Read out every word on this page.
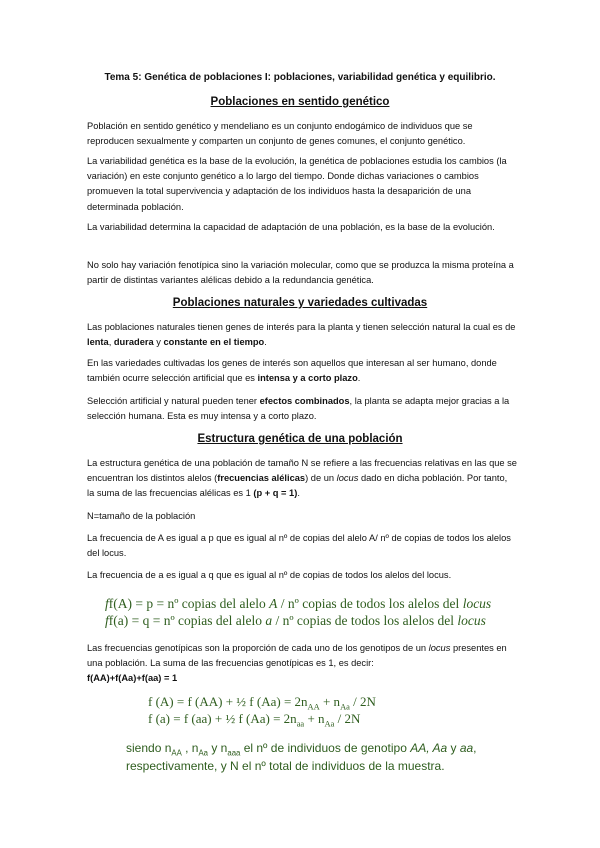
Tema 5: Genética de poblaciones I: poblaciones, variabilidad genética y equilibrio.
Poblaciones en sentido genético
Población en sentido genético y mendeliano es un conjunto endogámico de individuos que se reproducen sexualmente y comparten un conjunto de genes comunes, el conjunto genético.
La variabilidad genética es la base de la evolución, la genética de poblaciones estudia los cambios (la variación) en este conjunto genético a lo largo del tiempo. Donde dichas variaciones o cambios promueven la total supervivencia y adaptación de los individuos hasta la desaparición de una determinada población.
La variabilidad determina la capacidad de adaptación de una población, es la base de la evolución.
No solo hay variación fenotípica sino la variación molecular, como que se produzca la misma proteína a partir de distintas variantes alélicas debido a la redundancia genética.
Poblaciones naturales y variedades cultivadas
Las poblaciones naturales tienen genes de interés para la planta y tienen selección natural la cual es de lenta, duradera y constante en el tiempo.
En las variedades cultivadas los genes de interés son aquellos que interesan al ser humano, donde también ocurre selección artificial que es intensa y a corto plazo.
Selección artificial y natural pueden tener efectos combinados, la planta se adapta mejor gracias a la selección humana. Esta es muy intensa y a corto plazo.
Estructura genética de una población
La estructura genética de una población de tamaño N se refiere a las frecuencias relativas en las que se encuentran los distintos alelos (frecuencias alélicas) de un locus dado en dicha población. Por tanto, la suma de las frecuencias alélicas es 1 (p + q = 1).
N=tamaño de la población
La frecuencia de A es igual a p que es igual al nº de copias del alelo A/ nº de copias de todos los alelos del locus.
La frecuencia de a es igual a q que es igual al nº de copias de todos los alelos del locus.
ff(A) = p = nº copias del alelo A / nº copias de todos los alelos del locus
ff(a) = q = nº copias del alelo a / nº copias de todos los alelos del locus
Las frecuencias genotípicas son la proporción de cada uno de los genotipos de un locus presentes en una población. La suma de las frecuencias genotípicas es 1, es decir:
f(AA)+f(Aa)+f(aa) = 1
f (A) = f (AA) + ½ f $(Aa) = 2n_{AA} + n_{Aa} / 2N$
f (a) = f (aa) + ½ f $(Aa) = 2n_{aa} + n_{Aa} / 2N$
siendo $n_{AA}$ , $n_{Aa}$ y $n_{aaa}$ el nº de individuos de genotipo AA, Aa y aa,
respectivamente, y N el nº total de individuos de la muestra.
